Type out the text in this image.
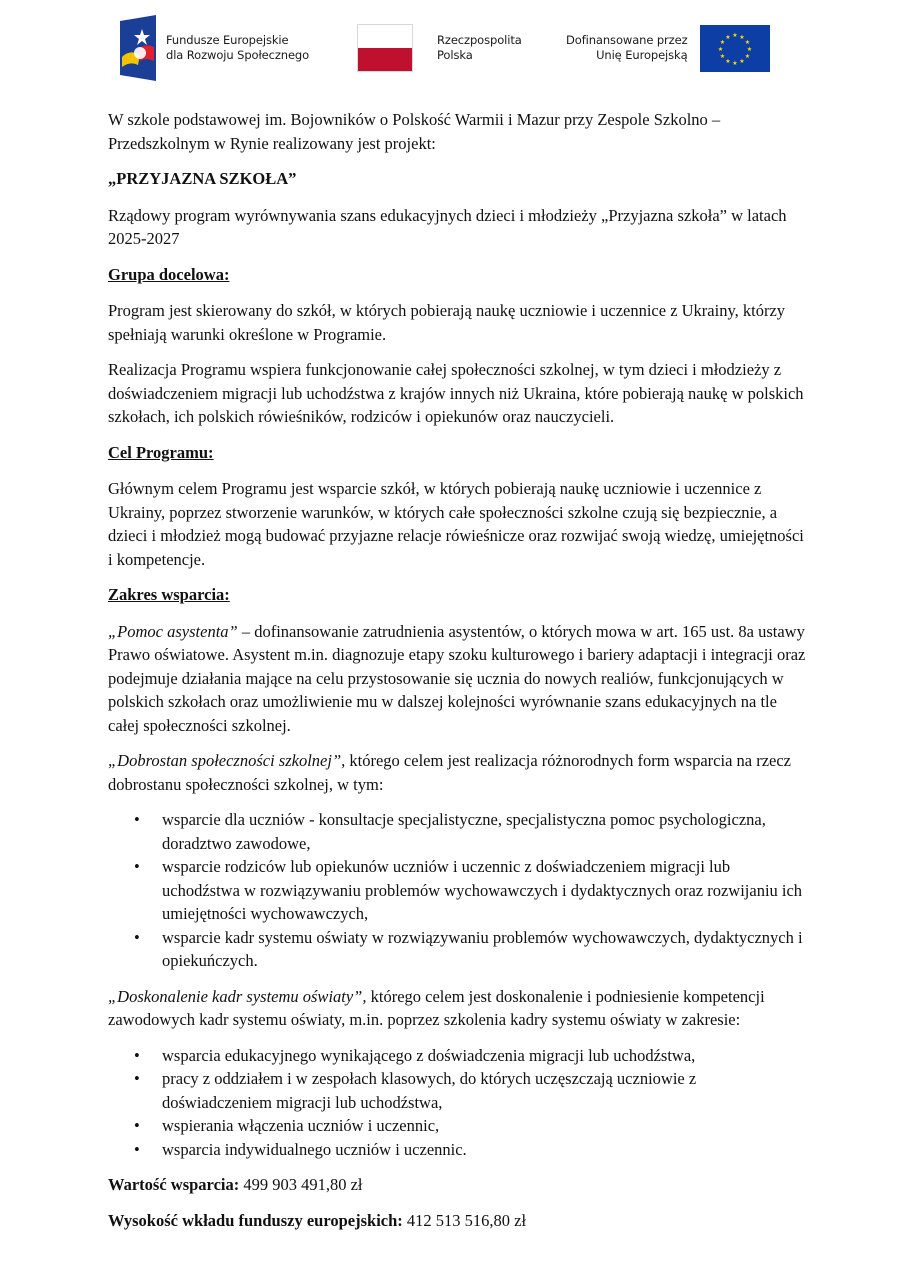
Fundusze Europejskie
dla Rozwoju Społecznego
Rzeczpospolita
Polska
Dofinansowane przez
Unię Europejską
★ ★
★
★
★
★
★
★
★
★
★
★

W szkole podstawowej im. Bojowników o Polskość Warmii i Mazur przy Zespole Szkolno – Przedszkolnym w Rynie realizowany jest projekt:

„PRZYJAZNA SZKOŁA”

Rządowy program wyrównywania szans edukacyjnych dzieci i młodzieży „Przyjazna szkoła” w latach 2025-2027

Grupa docelowa:

Program jest skierowany do szkół, w których pobierają naukę uczniowie i uczennice z Ukrainy, którzy spełniają warunki określone w Programie.

Realizacja Programu wspiera funkcjonowanie całej społeczności szkolnej, w tym dzieci i młodzieży z doświadczeniem migracji lub uchodźstwa z krajów innych niż Ukraina, które pobierają naukę w polskich szkołach, ich polskich rówieśników, rodziców i opiekunów oraz nauczycieli.

Cel Programu:

Głównym celem Programu jest wsparcie szkół, w których pobierają naukę uczniowie i uczennice z Ukrainy, poprzez stworzenie warunków, w których całe społeczności szkolne czują się bezpiecznie, a dzieci i młodzież mogą budować przyjazne relacje rówieśnicze oraz rozwijać swoją wiedzę, umiejętności i kompetencje.

Zakres wsparcia:

„Pomoc asystenta” – dofinansowanie zatrudnienia asystentów, o których mowa w art. 165 ust. 8a ustawy Prawo oświatowe. Asystent m.in. diagnozuje etapy szoku kulturowego i bariery adaptacji i integracji oraz podejmuje działania mające na celu przystosowanie się ucznia do nowych realiów, funkcjonujących w polskich szkołach oraz umożliwienie mu w dalszej kolejności wyrównanie szans edukacyjnych na tle całej społeczności szkolnej.

„Dobrostan społeczności szkolnej”, którego celem jest realizacja różnorodnych form wsparcia na rzecz dobrostanu społeczności szkolnej, w tym:

• wsparcie dla uczniów - konsultacje specjalistyczne, specjalistyczna pomoc psychologiczna, doradztwo zawodowe,
• wsparcie rodziców lub opiekunów uczniów i uczennic z doświadczeniem migracji lub uchodźstwa w rozwiązywaniu problemów wychowawczych i dydaktycznych oraz rozwijaniu ich umiejętności wychowawczych,
• wsparcie kadr systemu oświaty w rozwiązywaniu problemów wychowawczych, dydaktycznych i opiekuńczych.

„Doskonalenie kadr systemu oświaty”, którego celem jest doskonalenie i podniesienie kompetencji zawodowych kadr systemu oświaty, m.in. poprzez szkolenia kadry systemu oświaty w zakresie:

• wsparcia edukacyjnego wynikającego z doświadczenia migracji lub uchodźstwa,
• pracy z oddziałem i w zespołach klasowych, do których uczęszczają uczniowie z doświadczeniem migracji lub uchodźstwa,
• wspierania włączenia uczniów i uczennic,
• wsparcia indywidualnego uczniów i uczennic.

Wartość wsparcia: 499 903 491,80 zł

Wysokość wkładu funduszy europejskich: 412 513 516,80 zł
